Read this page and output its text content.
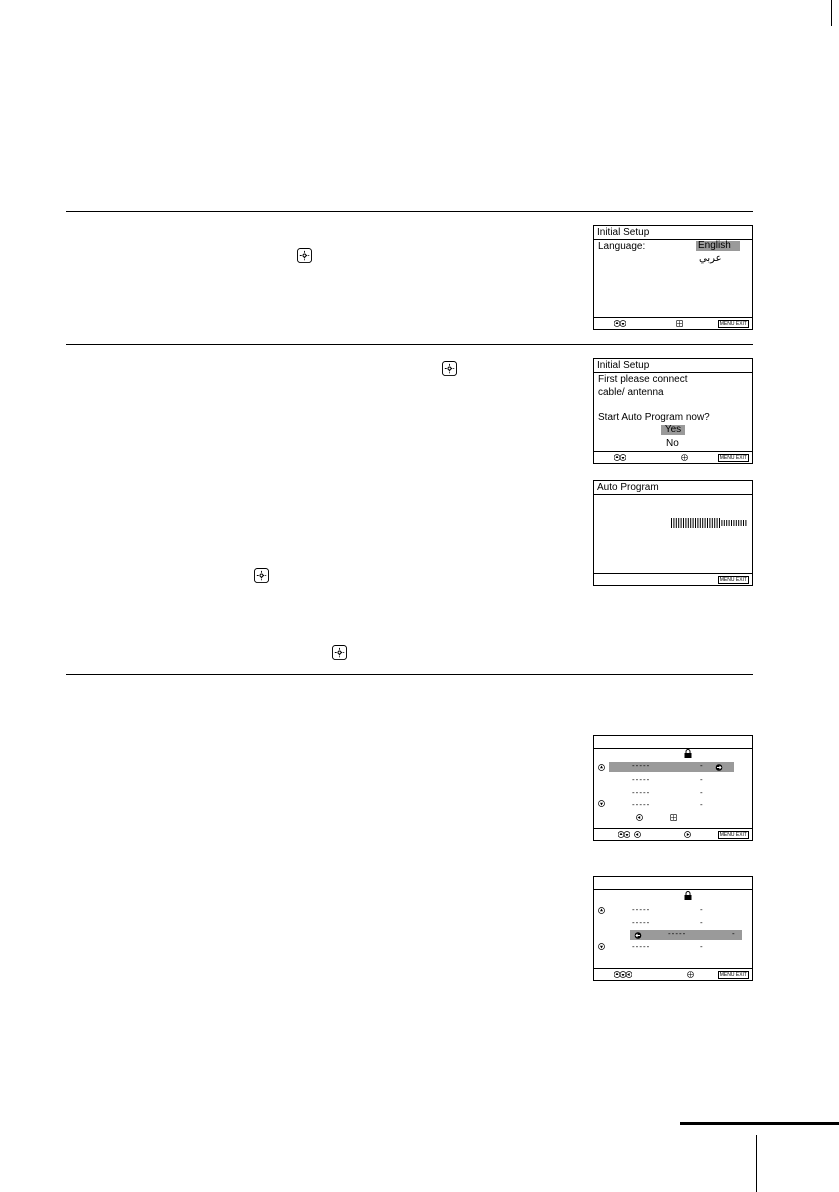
Initial Setup
Language:	English
عربي
MENU EXIT
Initial Setup
First please connect
cable/ antenna
Start Auto Program now?
Yes
No
MENU EXIT
Auto Program
MENU EXIT
-----	-
-----	-
-----	-
-----	-
MENU EXIT
-----	-
-----	-
-----	-
-----	-
MENU EXIT
